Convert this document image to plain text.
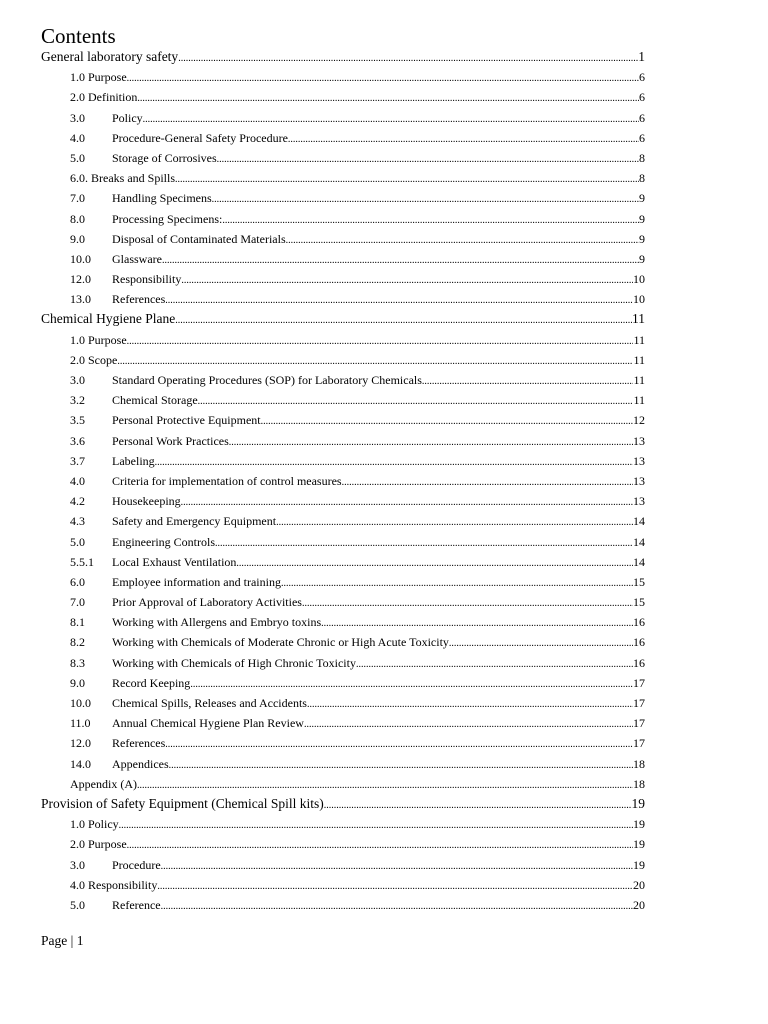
Contents
General laboratory safety .....	1
1.0 Purpose .....	6
2.0 Definition .....	6
3.0	Policy .....	6
4.0	Procedure-General Safety Procedure .....	6
5.0	Storage of Corrosives .....	8
6.0. Breaks and Spills .....	8
7.0	Handling Specimens .....	9
8.0	Processing Specimens: .....	9
9.0	Disposal of Contaminated Materials .....	9
10.0	Glassware .....	9
12.0	Responsibility .....	10
13.0	References .....	10
Chemical Hygiene Plane .....	11
1.0 Purpose .....	11
2.0 Scope .....	11
3.0	Standard Operating Procedures (SOP) for Laboratory Chemicals .....	11
3.2	Chemical Storage .....	11
3.5	Personal Protective Equipment .....	12
3.6	Personal Work Practices .....	13
3.7	Labeling .....	13
4.0	Criteria for implementation of control measures .....	13
4.2	Housekeeping .....	13
4.3	Safety and Emergency Equipment .....	14
5.0	Engineering Controls .....	14
5.5.1	Local Exhaust Ventilation .....	14
6.0	Employee information and training .....	15
7.0	Prior Approval of Laboratory Activities .....	15
8.1	Working with Allergens and Embryo toxins .....	16
8.2	Working with Chemicals of Moderate Chronic or High Acute Toxicity .....	16
8.3	Working with Chemicals of High Chronic Toxicity .....	16
9.0	Record Keeping .....	17
10.0	Chemical Spills, Releases and Accidents .....	17
11.0	Annual Chemical Hygiene Plan Review .....	17
12.0	References .....	17
14.0	Appendices .....	18
Appendix (A) .....	18
Provision of Safety Equipment (Chemical Spill kits) .....	19
1.0 Policy .....	19
2.0 Purpose .....	19
3.0	Procedure .....	19
4.0 Responsibility .....	20
5.0	Reference .....	20
Page | 1
